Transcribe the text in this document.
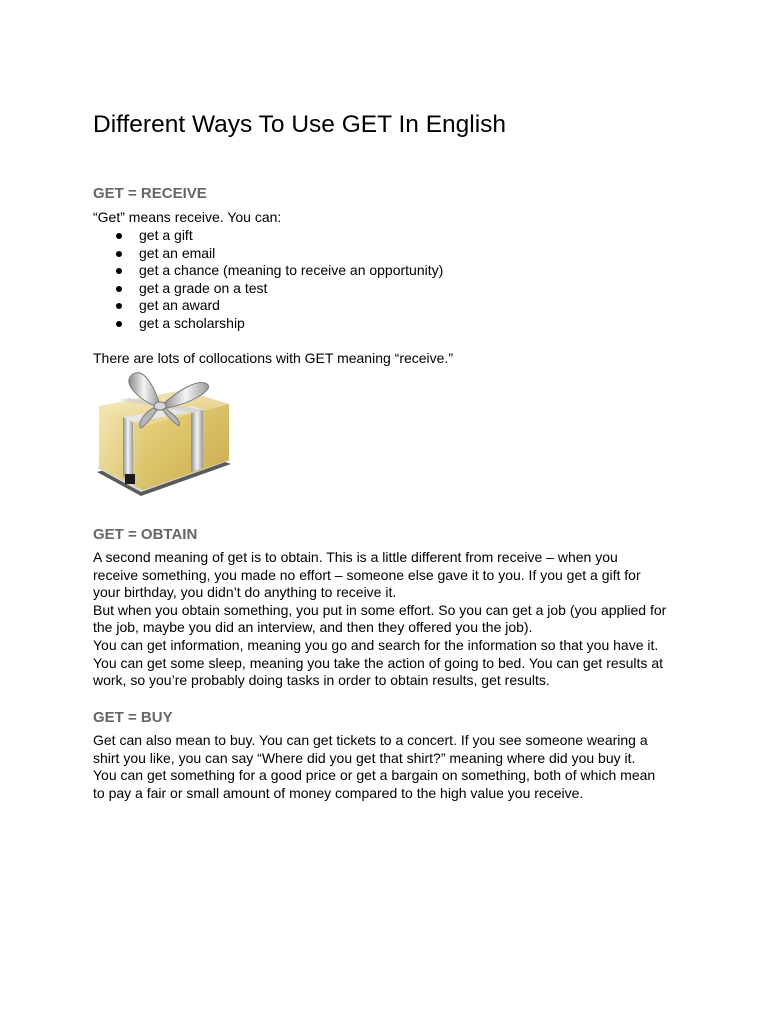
Different Ways To Use GET In English
GET = RECEIVE

“Get” means receive. You can:

get a gift
get an email
get a chance (meaning to receive an opportunity)
get a grade on a test
get an award
get a scholarship

There are lots of collocations with GET meaning “receive.”

GET = OBTAIN

A second meaning of get is to obtain. This is a little different from receive – when you

receive something, you made no effort – someone else gave it to you. If you get a gift for

your birthday, you didn’t do anything to receive it.

But when you obtain something, you put in some effort. So you can get a job (you applied for

the job, maybe you did an interview, and then they offered you the job).

You can get information, meaning you go and search for the information so that you have it.

You can get some sleep, meaning you take the action of going to bed. You can get results at

work, so you’re probably doing tasks in order to obtain results, get results.

GET = BUY

Get can also mean to buy. You can get tickets to a concert. If you see someone wearing a

shirt you like, you can say “Where did you get that shirt?” meaning where did you buy it.

You can get something for a good price or get a bargain on something, both of which mean

to pay a fair or small amount of money compared to the high value you receive.
